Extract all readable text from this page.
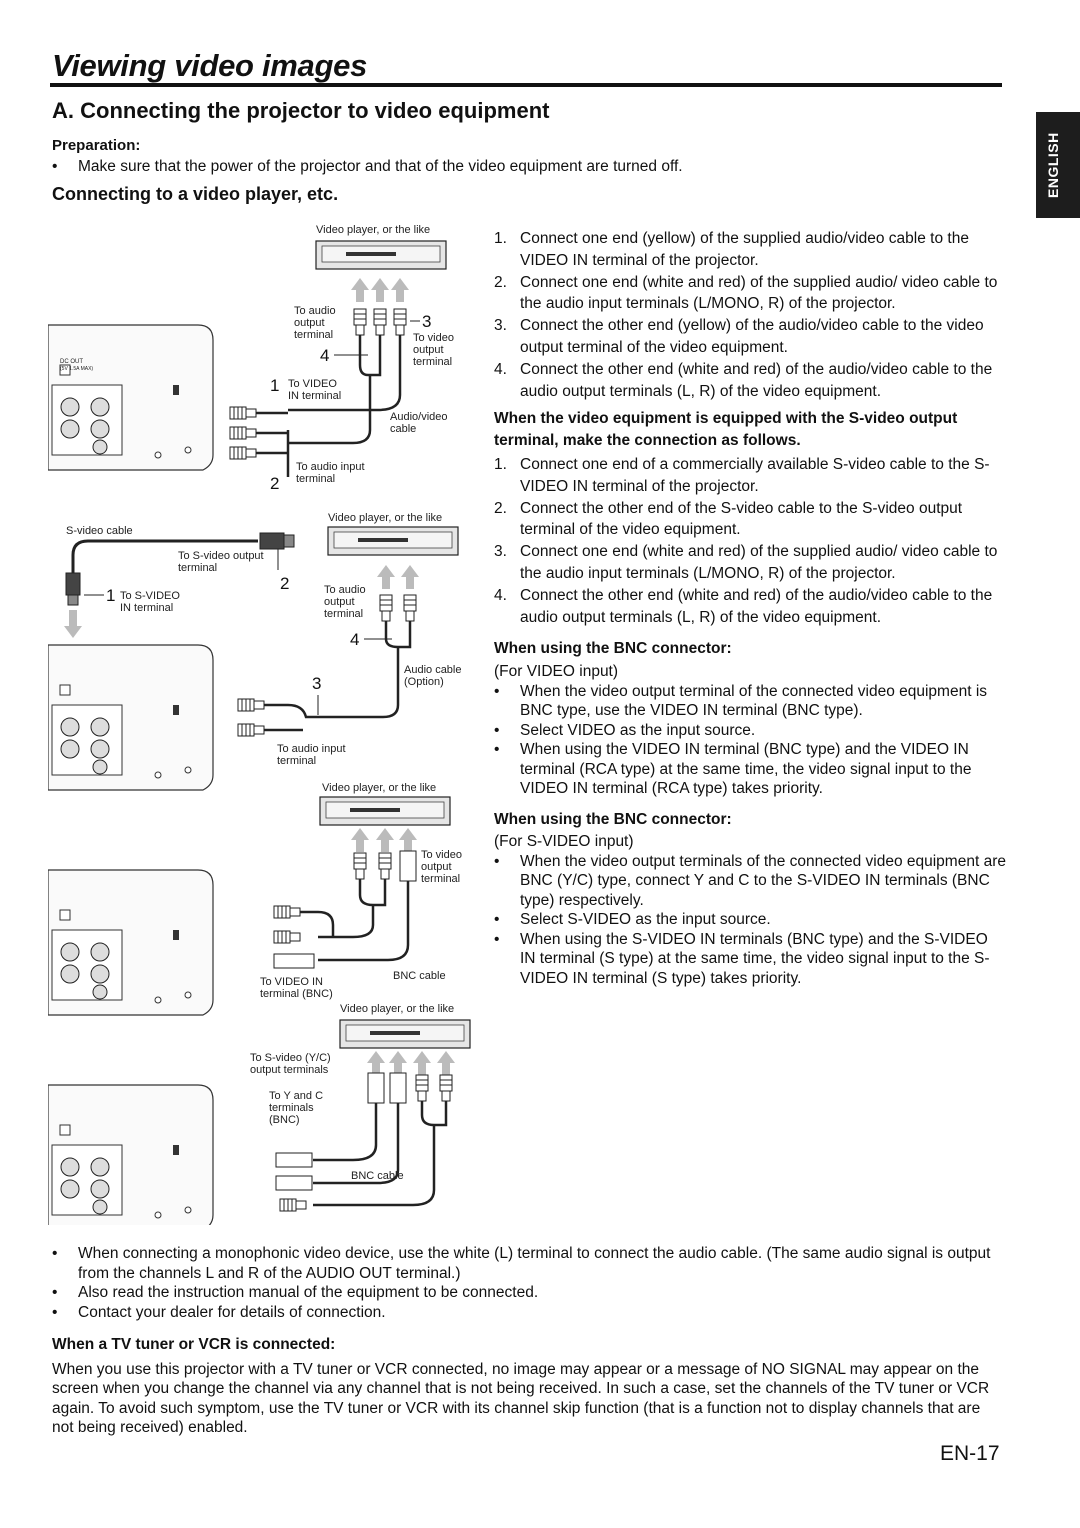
Viewing video images
A. Connecting the projector to video equipment
ENGLISH
Preparation:
•	Make sure that the power of the projector and that of the video equipment are turned off.
Connecting to a video player, etc.
Video player, or the like
To audio
output
terminal	To video
output
terminal
3
4
DC OUT
(5V 1.5A MAX)
1 To VIDEO
IN terminal
Audio/video
cable
To audio input
terminal
2
Video player, or the like
S-video cable
To S-video output
terminal
2
1 To S-VIDEO
IN terminal
To audio
output
terminal
4
Audio cable
(Option)
3
To audio input
terminal
Video player, or the like
To video
output
terminal
To VIDEO IN
terminal (BNC)
BNC cable
Video player, or the like
To S-video (Y/C)
output terminals
To Y and C
terminals
(BNC)
BNC cable
1. Connect one end (yellow) of the supplied audio/video cable to the VIDEO IN terminal of the projector.
2. Connect one end (white and red) of the supplied audio/ video cable to the audio input terminals (L/MONO, R) of the projector.
3. Connect the other end (yellow) of the audio/video cable to the video output terminal of the video equipment.
4. Connect the other end (white and red) of the audio/video cable to the audio output terminals (L, R) of the video equipment.
When the video equipment is equipped with the S-video output terminal, make the connection as follows.
1. Connect one end of a commercially available S-video cable to the S-VIDEO IN terminal of the projector.
2. Connect the other end of the S-video cable to the S-video output terminal of the video equipment.
3. Connect one end (white and red) of the supplied audio/ video cable to the audio input terminals (L/MONO, R) of the projector.
4. Connect the other end (white and red) of the audio/video cable to the audio output terminals (L, R) of the video equipment.
When using the BNC connector:
(For VIDEO input)
•	When the video output terminal of the connected video equipment is BNC type, use the VIDEO IN terminal (BNC type).
•	Select VIDEO as the input source.
•	When using the VIDEO IN terminal (BNC type) and the VIDEO IN terminal (RCA type) at the same time, the video signal input to the VIDEO IN terminal (RCA type) takes priority.
When using the BNC connector:
(For S-VIDEO input)
•	When the video output terminals of the connected video equipment are BNC (Y/C) type, connect Y and C to the S-VIDEO IN terminals (BNC type) respectively.
•	Select S-VIDEO as the input source.
•	When using the S-VIDEO IN terminals (BNC type) and the S-VIDEO IN terminal (S type) at the same time, the video signal input to the S-VIDEO IN terminal (S type) takes priority.
•	When connecting a monophonic video device, use the white (L) terminal to connect the audio cable. (The same audio signal is output from the channels L and R of the AUDIO OUT terminal.)
•	Also read the instruction manual of the equipment to be connected.
•	Contact your dealer for details of connection.
When a TV tuner or VCR is connected:
When you use this projector with a TV tuner or VCR connected, no image may appear or a message of NO SIGNAL may appear on the screen when you change the channel via any channel that is not being received. In such a case, set the channels of the TV tuner or VCR again. To avoid such symptom, use the TV tuner or VCR with its channel skip function (that is a function not to display channels that are not being received) enabled.
EN-17
